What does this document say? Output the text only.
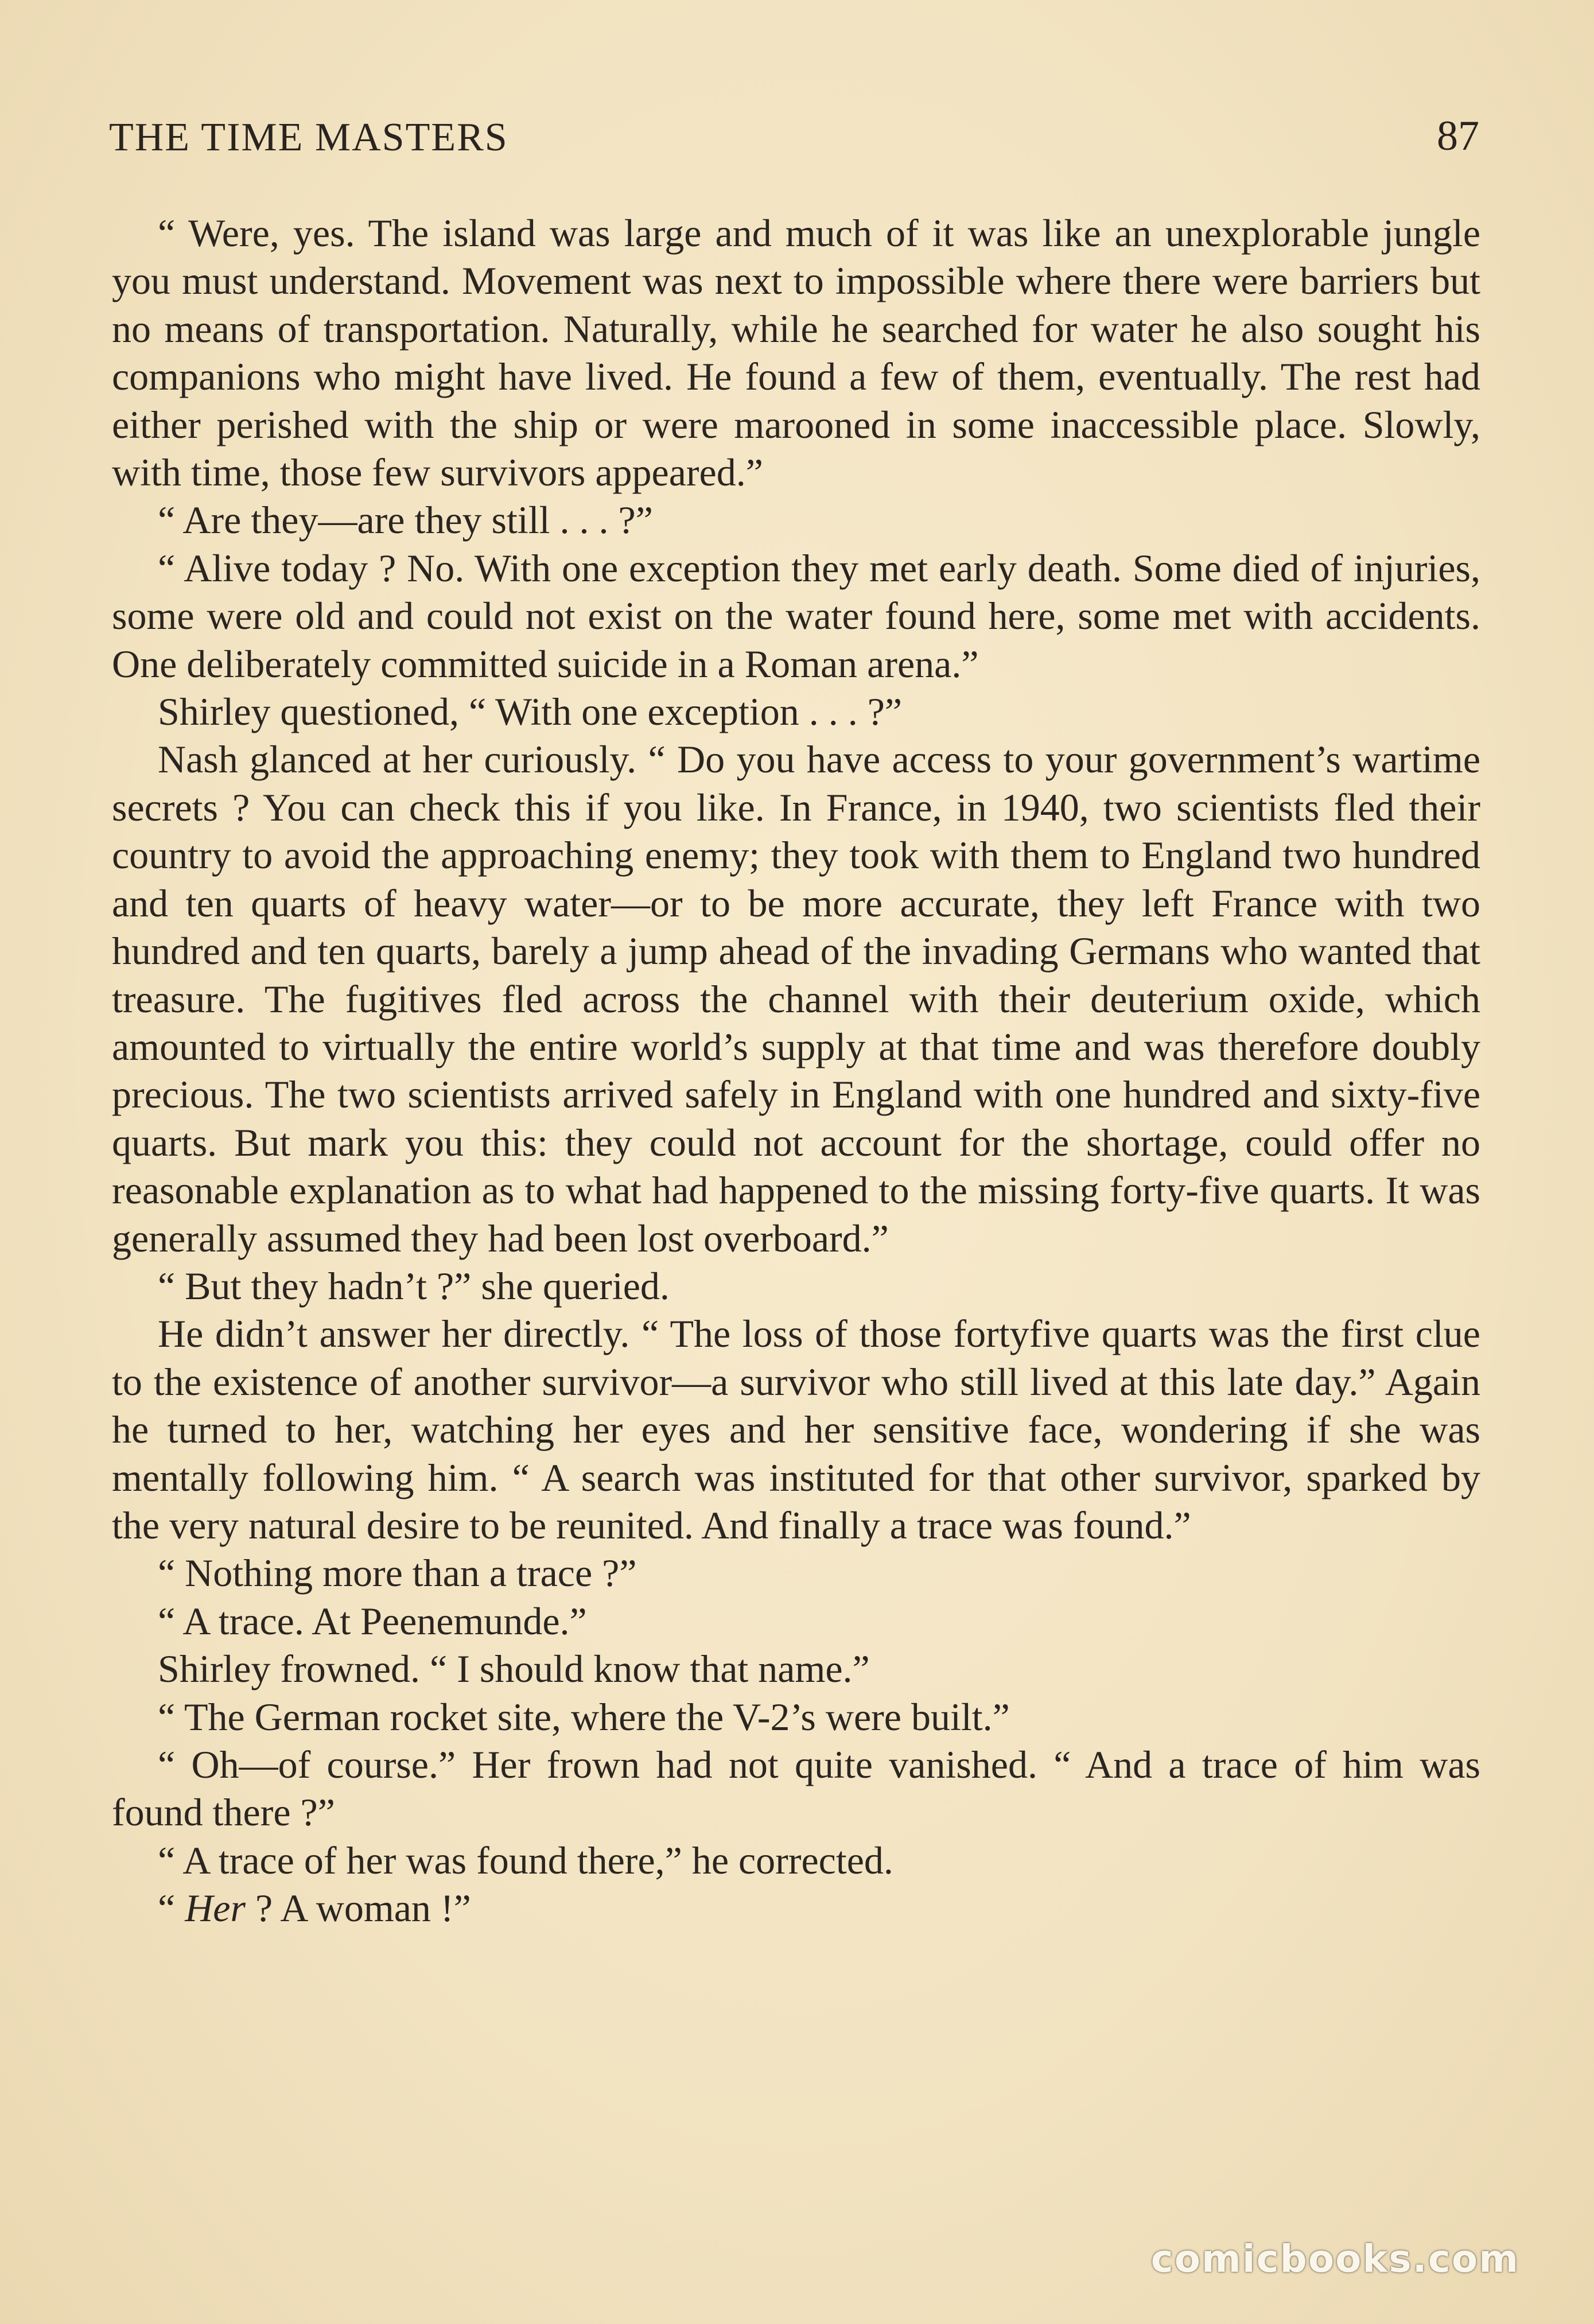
THE TIME MASTERS	87

“ Were, yes. The island was large and much of it was like an unexplorable jungle you must understand. Movement was next to impossible where there were barriers but no means of transportation. Naturally, while he searched for water he also sought his companions who might have lived. He found a few of them, eventually. The rest had either perished with the ship or were marooned in some inaccessible place. Slowly, with time, those few survivors appeared.”

“ Are they—are they still . . . ?”

“ Alive today ? No. With one exception they met early death. Some died of injuries, some were old and could not exist on the water found here, some met with accidents. One deliberately committed suicide in a Roman arena.”

Shirley questioned, “ With one exception . . . ?”

Nash glanced at her curiously. “ Do you have access to your government’s wartime secrets ? You can check this if you like. In France, in 1940, two scientists fled their country to avoid the approaching enemy; they took with them to England two hundred and ten quarts of heavy water—or to be more accurate, they left France with two hundred and ten quarts, barely a jump ahead of the invading Germans who wanted that treasure. The fugitives fled across the channel with their deuterium oxide, which amounted to virtually the entire world’s supply at that time and was therefore doubly precious. The two scientists arrived safely in England with one hundred and sixty-five quarts. But mark you this: they could not account for the shortage, could offer no reasonable explanation as to what had happened to the missing forty-five quarts. It was generally assumed they had been lost overboard.”

“ But they hadn’t ?” she queried.

He didn’t answer her directly. “ The loss of those fortyfive quarts was the first clue to the existence of another survivor—a survivor who still lived at this late day.” Again he turned to her, watching her eyes and her sensitive face, wondering if she was mentally following him. “ A search was instituted for that other survivor, sparked by the very natural desire to be reunited. And finally a trace was found.”

“ Nothing more than a trace ?”

“ A trace. At Peenemunde.”

Shirley frowned. “ I should know that name.”

“ The German rocket site, where the V-2’s were built.”

“ Oh—of course.” Her frown had not quite vanished. “ And a trace of him was found there ?”

“ A trace of her was found there,” he corrected.

“ Her ? A woman !”

comicbooks.com
